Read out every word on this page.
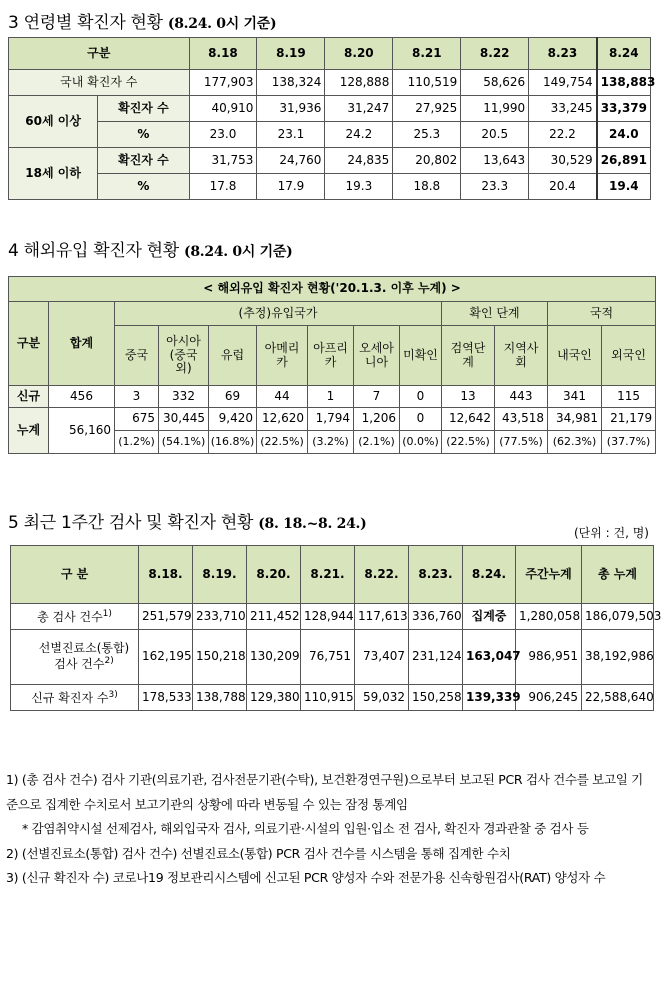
3 연령별 확진자 현황 (8.24. 0시 기준)
구분		8.18	8.19	8.20	8.21	8.22	8.23	8.24
국내 확진자 수		177,903	138,324	128,888	110,519	58,626	149,754	138,883
60세 이상	확진자 수	40,910	31,936	31,247	27,925	11,990	33,245	33,379
	%	23.0	23.1	24.2	25.3	20.5	22.2	24.0
18세 이하	확진자 수	31,753	24,760	24,835	20,802	13,643	30,529	26,891
	%	17.8	17.9	19.3	18.8	23.3	20.4	19.4
4 해외유입 확진자 현황 (8.24. 0시 기준)
< 해외유입 확진자 현황('20.1.3. 이후 누계) >												
구분	합계	(추정)유입국가							확인 단계		국적	
		중국	아시아(중국 외)	유럽	아메리카	아프리카	오세아니아	미확인	검역단계	지역사회	내국인	외국인
신규	456	3	332	69	44	1	7	0	13	443	341	115
누계	56,160	675	30,445	9,420	12,620	1,794	1,206	0	12,642	43,518	34,981	21,179
		(1.2%)	(54.1%)	(16.8%)	(22.5%)	(3.2%)	(2.1%)	(0.0%)	(22.5%)	(77.5%)	(62.3%)	(37.7%)
5 최근 1주간 검사 및 확진자 현황 (8. 18.~8. 24.)
(단위 : 건, 명)
구 분	8.18.	8.19.	8.20.	8.21.	8.22.	8.23.	8.24.	주간누계	총 누계
총 검사 건수$^{1)}$	251,579	233,710	211,452	128,944	117,613	336,760	집계중	1,280,058	186,079,503
선별진료소(통합) 검사 건수$^{2)}$	162,195	150,218	130,209	76,751	73,407	231,124	163,047	986,951	38,192,986
신규 확진자 수$^{3)}$	178,533	138,788	129,380	110,915	59,032	150,258	139,339	906,245	22,588,640

1) (총 검사 건수) 검사 기관(의료기관, 검사전문기관(수탁), 보건환경연구원)으로부터 보고된 PCR 검사 건수를 보고일 기준으로 집계한 수치로서 보고기관의 상황에 따라 변동될 수 있는 잠정 통계임

* 감염취약시설 선제검사, 해외입국자 검사, 의료기관·시설의 입원·입소 전 검사, 확진자 경과관찰 중 검사 등

2) (선별진료소(통합) 검사 건수) 선별진료소(통합) PCR 검사 건수를 시스템을 통해 집계한 수치

3) (신규 확진자 수) 코로나19 정보관리시스템에 신고된 PCR 양성자 수와 전문가용 신속항원검사(RAT) 양성자 수
